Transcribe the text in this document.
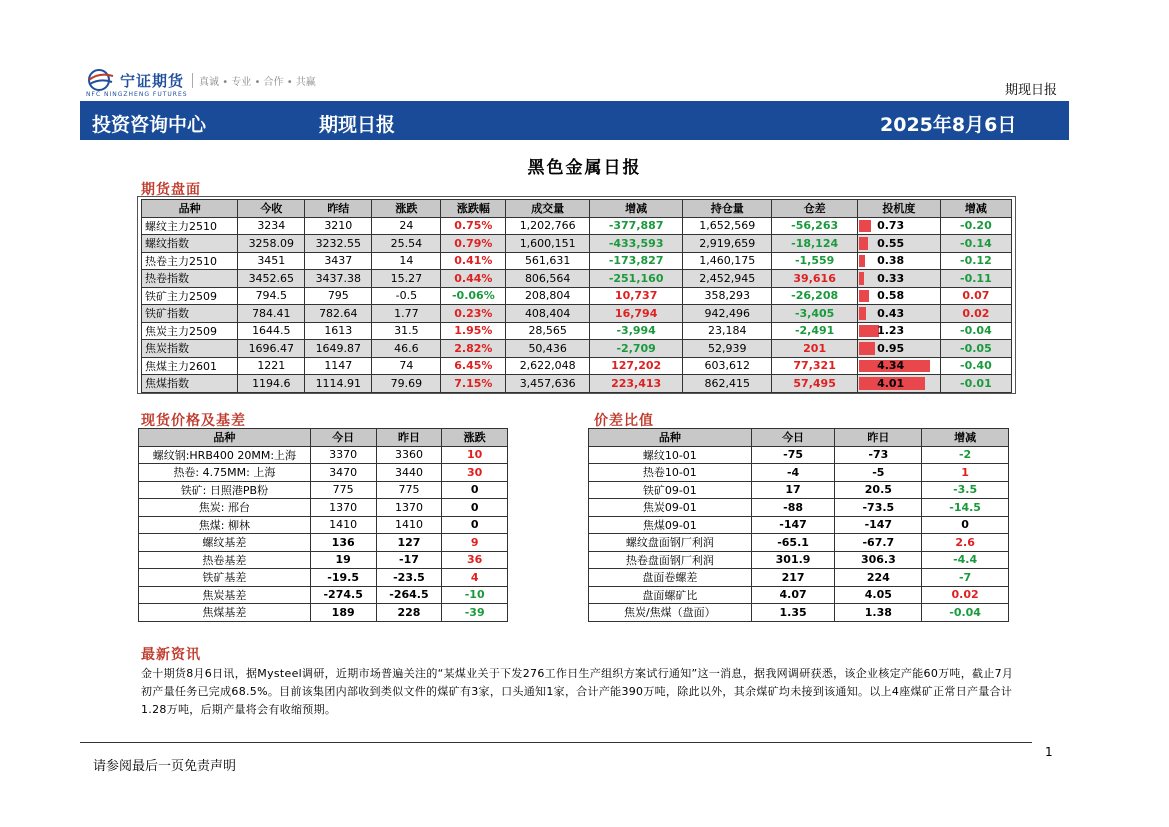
宁证期货	真诚 • 专业 • 合作 • 共赢
NFC NINGZHENG FUTURES	期现日报
投资咨询中心	期现日报	2025年8月6日
黑色金属日报
期货盘面
品种	今收	昨结	涨跌	涨跌幅	成交量	增减	持仓量	仓差	投机度	增减
螺纹主力2510	3234	3210	24	0.75%	1,202,766	-377,887	1,652,569	-56,263	0.73	-0.20
螺纹指数	3258.09	3232.55	25.54	0.79%	1,600,151	-433,593	2,919,659	-18,124	0.55	-0.14
热卷主力2510	3451	3437	14	0.41%	561,631	-173,827	1,460,175	-1,559	0.38	-0.12
热卷指数	3452.65	3437.38	15.27	0.44%	806,564	-251,160	2,452,945	39,616	0.33	-0.11
铁矿主力2509	794.5	795	-0.5	-0.06%	208,804	10,737	358,293	-26,208	0.58	0.07
铁矿指数	784.41	782.64	1.77	0.23%	408,404	16,794	942,496	-3,405	0.43	0.02
焦炭主力2509	1644.5	1613	31.5	1.95%	28,565	-3,994	23,184	-2,491	1.23	-0.04
焦炭指数	1696.47	1649.87	46.6	2.82%	50,436	-2,709	52,939	201	0.95	-0.05
焦煤主力2601	1221	1147	74	6.45%	2,622,048	127,202	603,612	77,321	4.34	-0.40
焦煤指数	1194.6	1114.91	79.69	7.15%	3,457,636	223,413	862,415	57,495	4.01	-0.01
现货价格及基差
品种	今日	昨日	涨跌
螺纹钢:HRB400 20MM:上海	3370	3360	10
热卷: 4.75MM: 上海	3470	3440	30
铁矿: 日照港PB粉	775	775	0
焦炭: 邢台	1370	1370	0
焦煤: 柳林	1410	1410	0
螺纹基差	136	127	9
热卷基差	19	-17	36
铁矿基差	-19.5	-23.5	4
焦炭基差	-274.5	-264.5	-10
焦煤基差	189	228	-39
价差比值
品种	今日	昨日	增减
螺纹10-01	-75	-73	-2
热卷10-01	-4	-5	1
铁矿09-01	17	20.5	-3.5
焦炭09-01	-88	-73.5	-14.5
焦煤09-01	-147	-147	0
螺纹盘面钢厂利润	-65.1	-67.7	2.6
热卷盘面钢厂利润	301.9	306.3	-4.4
盘面卷螺差	217	224	-7
盘面螺矿比	4.07	4.05	0.02
焦炭/焦煤（盘面）	1.35	1.38	-0.04
最新资讯
金十期货8月6日讯，据Mysteel调研，近期市场普遍关注的“某煤业关于下发276工作日生产组织方案试行通知”这一消息，据我网调研获悉，该企业核定产能60万吨，截止7月初产量任务已完成68.5%。目前该集团内部收到类似文件的煤矿有3家，口头通知1家，合计产能390万吨，除此以外，其余煤矿均未接到该通知。以上4座煤矿正常日产量合计1.28万吨，后期产量将会有收缩预期。
请参阅最后一页免责声明
1
